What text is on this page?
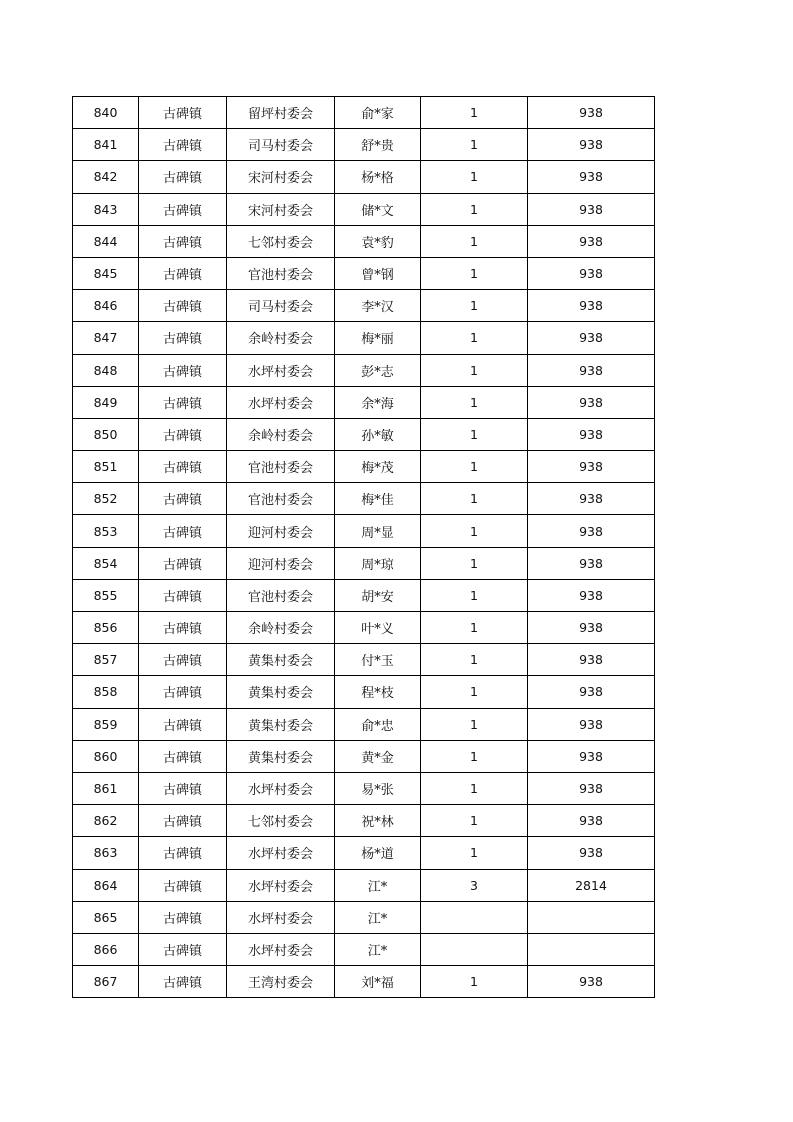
840	古碑镇	留坪村委会	俞*家	1	938
841	古碑镇	司马村委会	舒*贵	1	938
842	古碑镇	宋河村委会	杨*格	1	938
843	古碑镇	宋河村委会	储*文	1	938
844	古碑镇	七邻村委会	袁*豹	1	938
845	古碑镇	官池村委会	曾*钢	1	938
846	古碑镇	司马村委会	李*汉	1	938
847	古碑镇	余岭村委会	梅*丽	1	938
848	古碑镇	水坪村委会	彭*志	1	938
849	古碑镇	水坪村委会	余*海	1	938
850	古碑镇	余岭村委会	孙*敏	1	938
851	古碑镇	官池村委会	梅*茂	1	938
852	古碑镇	官池村委会	梅*佳	1	938
853	古碑镇	迎河村委会	周*显	1	938
854	古碑镇	迎河村委会	周*琼	1	938
855	古碑镇	官池村委会	胡*安	1	938
856	古碑镇	余岭村委会	叶*义	1	938
857	古碑镇	黄集村委会	付*玉	1	938
858	古碑镇	黄集村委会	程*枝	1	938
859	古碑镇	黄集村委会	俞*忠	1	938
860	古碑镇	黄集村委会	黄*金	1	938
861	古碑镇	水坪村委会	易*张	1	938
862	古碑镇	七邻村委会	祝*林	1	938
863	古碑镇	水坪村委会	杨*道	1	938
864	古碑镇	水坪村委会	江*	3	2814
865	古碑镇	水坪村委会	江*		
866	古碑镇	水坪村委会	江*		
867	古碑镇	王湾村委会	刘*福	1	938
